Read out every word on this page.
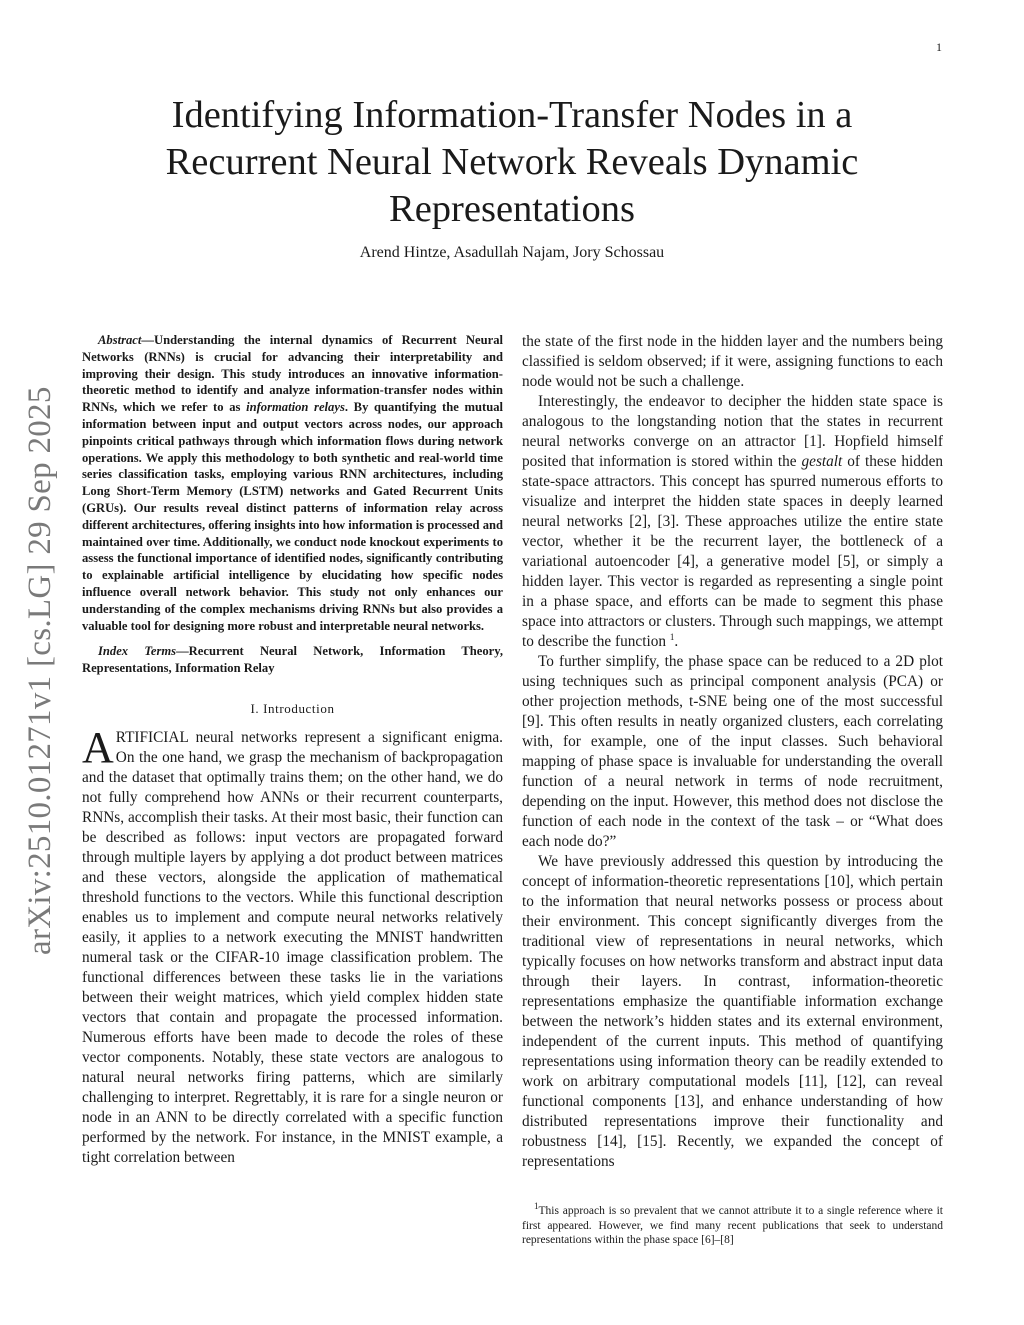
1
arXiv:2510.01271v1 [cs.LG] 29 Sep 2025
Identifying Information-Transfer Nodes in a Recurrent Neural Network Reveals Dynamic Representations
Arend Hintze, Asadullah Najam, Jory Schossau

Abstract—Understanding the internal dynamics of Recurrent Neural Networks (RNNs) is crucial for advancing their interpretability and improving their design. This study introduces an innovative information-theoretic method to identify and analyze information-transfer nodes within RNNs, which we refer to as information relays. By quantifying the mutual information between input and output vectors across nodes, our approach pinpoints critical pathways through which information flows during network operations. We apply this methodology to both synthetic and real-world time series classification tasks, employing various RNN architectures, including Long Short-Term Memory (LSTM) networks and Gated Recurrent Units (GRUs). Our results reveal distinct patterns of information relay across different architectures, offering insights into how information is processed and maintained over time. Additionally, we conduct node knockout experiments to assess the functional importance of identified nodes, significantly contributing to explainable artificial intelligence by elucidating how specific nodes influence overall network behavior. This study not only enhances our understanding of the complex mechanisms driving RNNs but also provides a valuable tool for designing more robust and interpretable neural networks.

Index Terms—Recurrent Neural Network, Information Theory, Representations, Information Relay

I. Introduction

ARTIFICIAL neural networks represent a significant enigma. On the one hand, we grasp the mechanism of backpropagation and the dataset that optimally trains them; on the other hand, we do not fully comprehend how ANNs or their recurrent counterparts, RNNs, accomplish their tasks. At their most basic, their function can be described as follows: input vectors are propagated forward through multiple layers by applying a dot product between matrices and these vectors, alongside the application of mathematical threshold functions to the vectors. While this functional description enables us to implement and compute neural networks relatively easily, it applies to a network executing the MNIST handwritten numeral task or the CIFAR-10 image classification problem. The functional differences between these tasks lie in the variations between their weight matrices, which yield complex hidden state vectors that contain and propagate the processed information. Numerous efforts have been made to decode the roles of these vector components. Notably, these state vectors are analogous to natural neural networks firing patterns, which are similarly challenging to interpret. Regrettably, it is rare for a single neuron or node in an ANN to be directly correlated with a specific function performed by the network. For instance, in the MNIST example, a tight correlation between

the state of the first node in the hidden layer and the numbers being classified is seldom observed; if it were, assigning functions to each node would not be such a challenge.

Interestingly, the endeavor to decipher the hidden state space is analogous to the longstanding notion that the states in recurrent neural networks converge on an attractor [1]. Hopfield himself posited that information is stored within the gestalt of these hidden state-space attractors. This concept has spurred numerous efforts to visualize and interpret the hidden state spaces in deeply learned neural networks [2], [3]. These approaches utilize the entire state vector, whether it be the recurrent layer, the bottleneck of a variational autoencoder [4], a generative model [5], or simply a hidden layer. This vector is regarded as representing a single point in a phase space, and efforts can be made to segment this phase space into attractors or clusters. Through such mappings, we attempt to describe the function $^1$.

To further simplify, the phase space can be reduced to a 2D plot using techniques such as principal component analysis (PCA) or other projection methods, t-SNE being one of the most successful [9]. This often results in neatly organized clusters, each correlating with, for example, one of the input classes. Such behavioral mapping of phase space is invaluable for understanding the overall function of a neural network in terms of node recruitment, depending on the input. However, this method does not disclose the function of each node in the context of the task – or “What does each node do?”

We have previously addressed this question by introducing the concept of information-theoretic representations [10], which pertain to the information that neural networks possess or process about their environment. This concept significantly diverges from the traditional view of representations in neural networks, which typically focuses on how networks transform and abstract input data through their layers. In contrast, information-theoretic representations emphasize the quantifiable information exchange between the network’s hidden states and its external environment, independent of the current inputs. This method of quantifying representations using information theory can be readily extended to work on arbitrary computational models [11], [12], can reveal functional components [13], and enhance understanding of how distributed representations improve their functionality and robustness [14], [15]. Recently, we expanded the concept of representations

$^1$This approach is so prevalent that we cannot attribute it to a single reference where it first appeared. However, we find many recent publications that seek to understand representations within the phase space [6]–[8]
